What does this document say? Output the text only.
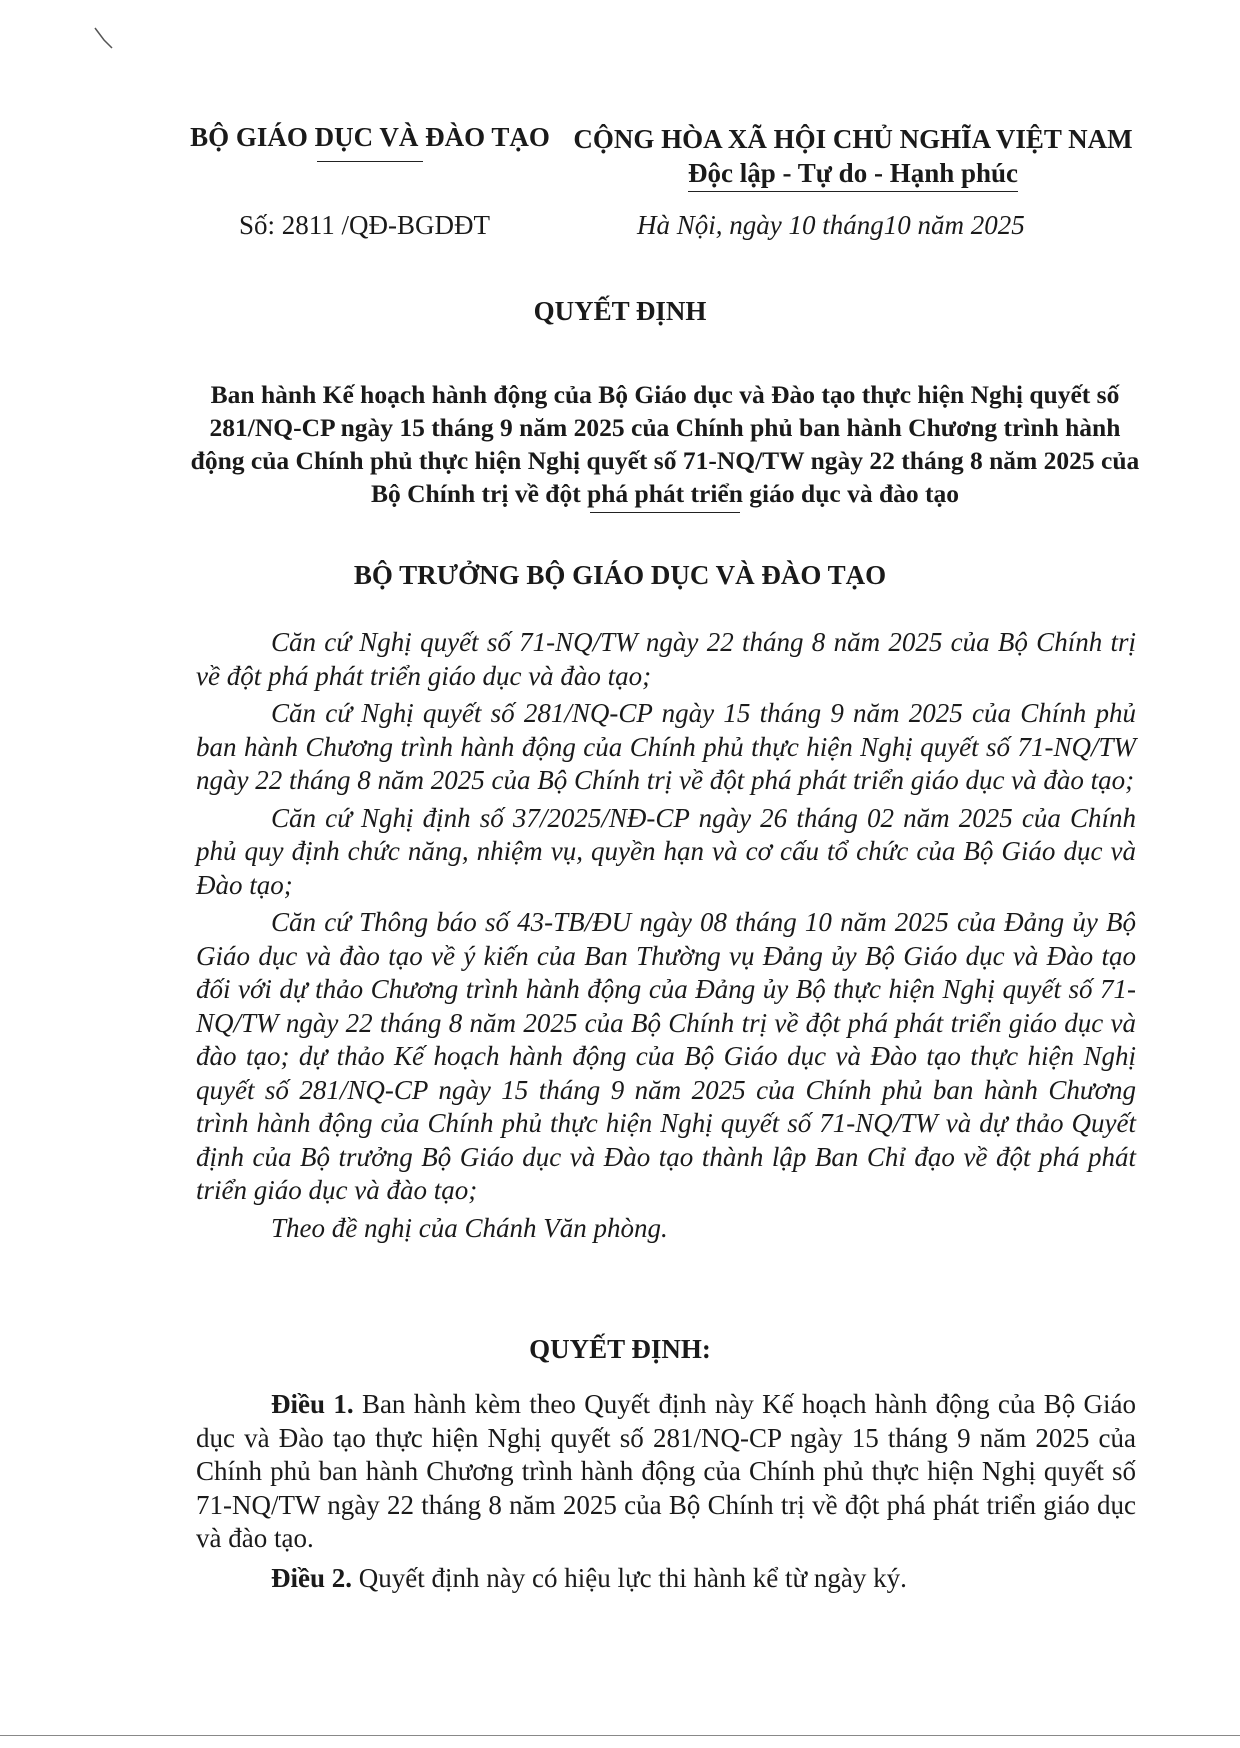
BỘ GIÁO DỤC VÀ ĐÀO TẠO CỘNG HÒA XÃ HỘI CHỦ NGHĨA VIỆT NAM
Độc lập - Tự do - Hạnh phúc
Số: 2811 /QĐ-BGDĐT	Hà Nội, ngày 10 tháng10 năm 2025
QUYẾT ĐỊNH
Ban hành Kế hoạch hành động của Bộ Giáo dục và Đào tạo thực hiện Nghị quyết số 281/NQ-CP ngày 15 tháng 9 năm 2025 của Chính phủ ban hành Chương trình hành động của Chính phủ thực hiện Nghị quyết số 71-NQ/TW ngày 22 tháng 8 năm 2025 của Bộ Chính trị về đột phá phát triển giáo dục và đào tạo
BỘ TRƯỞNG BỘ GIÁO DỤC VÀ ĐÀO TẠO

Căn cứ Nghị quyết số 71-NQ/TW ngày 22 tháng 8 năm 2025 của Bộ Chính trị về đột phá phát triển giáo dục và đào tạo;

Căn cứ Nghị quyết số 281/NQ-CP ngày 15 tháng 9 năm 2025 của Chính phủ ban hành Chương trình hành động của Chính phủ thực hiện Nghị quyết số 71-NQ/TW ngày 22 tháng 8 năm 2025 của Bộ Chính trị về đột phá phát triển giáo dục và đào tạo;

Căn cứ Nghị định số 37/2025/NĐ-CP ngày 26 tháng 02 năm 2025 của Chính phủ quy định chức năng, nhiệm vụ, quyền hạn và cơ cấu tổ chức của Bộ Giáo dục và Đào tạo;

Căn cứ Thông báo số 43-TB/ĐU ngày 08 tháng 10 năm 2025 của Đảng ủy Bộ Giáo dục và đào tạo về ý kiến của Ban Thường vụ Đảng ủy Bộ Giáo dục và Đào tạo đối với dự thảo Chương trình hành động của Đảng ủy Bộ thực hiện Nghị quyết số 71-NQ/TW ngày 22 tháng 8 năm 2025 của Bộ Chính trị về đột phá phát triển giáo dục và đào tạo; dự thảo Kế hoạch hành động của Bộ Giáo dục và Đào tạo thực hiện Nghị quyết số 281/NQ-CP ngày 15 tháng 9 năm 2025 của Chính phủ ban hành Chương trình hành động của Chính phủ thực hiện Nghị quyết số 71-NQ/TW và dự thảo Quyết định của Bộ trưởng Bộ Giáo dục và Đào tạo thành lập Ban Chỉ đạo về đột phá phát triển giáo dục và đào tạo;

Theo đề nghị của Chánh Văn phòng.

QUYẾT ĐỊNH:

Điều 1. Ban hành kèm theo Quyết định này Kế hoạch hành động của Bộ Giáo dục và Đào tạo thực hiện Nghị quyết số 281/NQ-CP ngày 15 tháng 9 năm 2025 của Chính phủ ban hành Chương trình hành động của Chính phủ thực hiện Nghị quyết số 71-NQ/TW ngày 22 tháng 8 năm 2025 của Bộ Chính trị về đột phá phát triển giáo dục và đào tạo.

Điều 2. Quyết định này có hiệu lực thi hành kể từ ngày ký.
